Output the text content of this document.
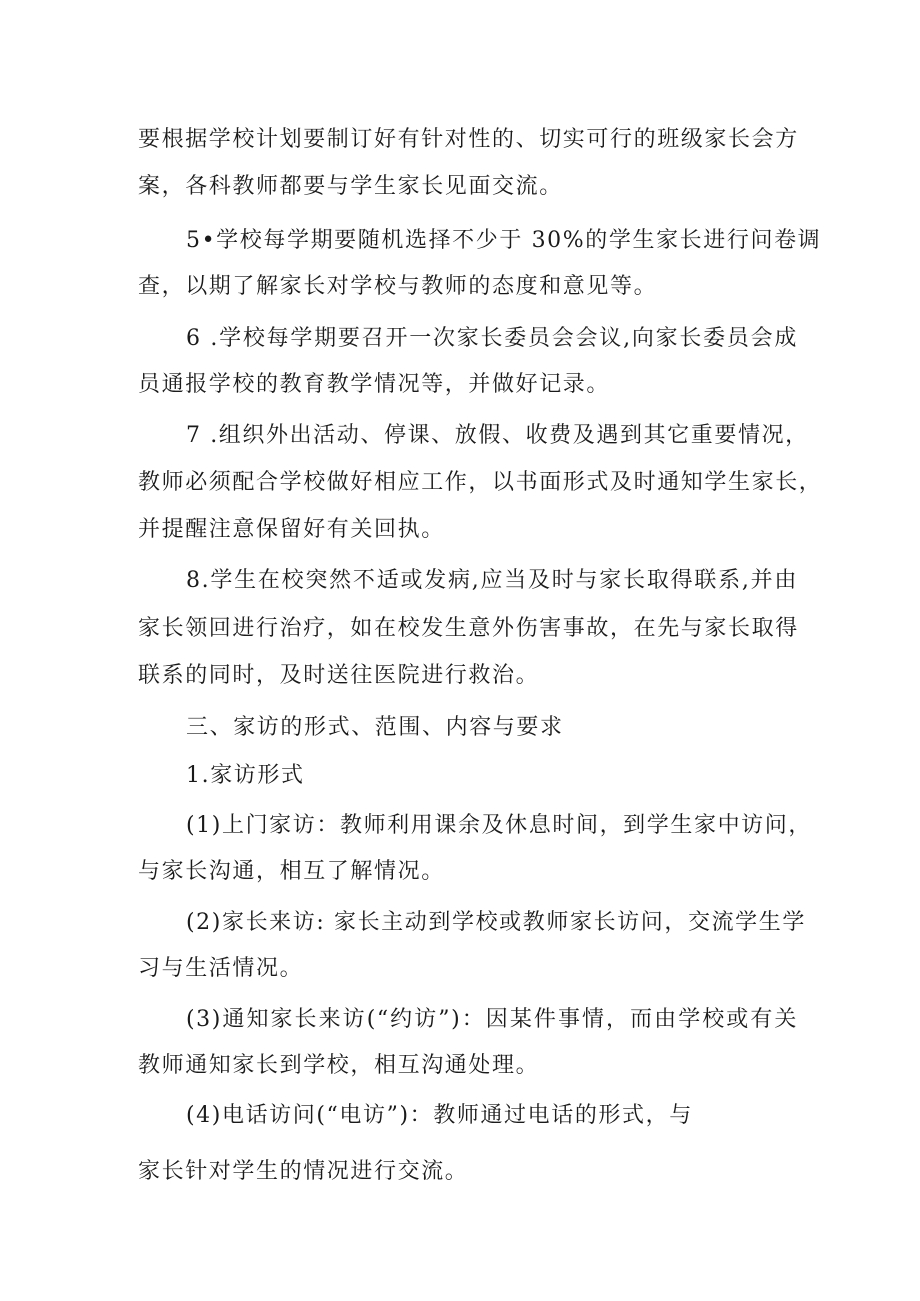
要根据学校计划要制订好有针对性的、切实可行的班级家长会方
案，各科教师都要与学生家长见面交流。
5•学校每学期要随机选择不少于 30%的学生家长进行问卷调
查，以期了解家长对学校与教师的态度和意见等。
6 .学校每学期要召开一次家长委员会会议,向家长委员会成
员通报学校的教育教学情况等，并做好记录。
7 .组织外出活动、停课、放假、收费及遇到其它重要情况，
教师必须配合学校做好相应工作，以书面形式及时通知学生家长，
并提醒注意保留好有关回执。
8.学生在校突然不适或发病,应当及时与家长取得联系,并由
家长领回进行治疗，如在校发生意外伤害事故，在先与家长取得
联系的同时，及时送往医院进行救治。
三、家访的形式、范围、内容与要求
1.家访形式
(1)上门家访：教师利用课余及休息时间，到学生家中访问，
与家长沟通，相互了解情况。
(2)家长来访: 家长主动到学校或教师家长访问，交流学生学
习与生活情况。
(3)通知家长来访(“约访”)：因某件事情，而由学校或有关
教师通知家长到学校，相互沟通处理。
(4)电话访问(“电访”)：教师通过电话的形式，与
家长针对学生的情况进行交流。
